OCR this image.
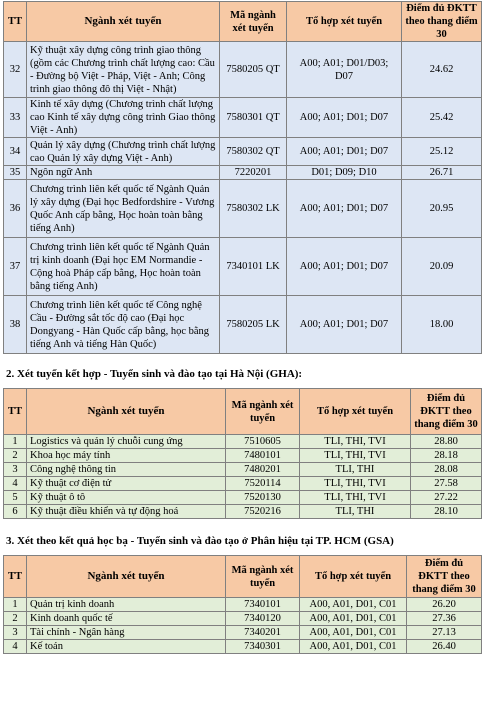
TT	Ngành xét tuyển	Mã ngành xét tuyển	Tổ hợp xét tuyển	Điểm đủ ĐKTT theo thang điểm 30
32	Kỹ thuật xây dựng công trình giao thông (gồm các Chương trình chất lượng cao: Cầu - Đường bộ Việt - Pháp, Việt - Anh; Công trình giao thông đô thị Việt - Nhật)	7580205 QT	A00; A01; D01/D03; D07	24.62
33	Kinh tế xây dựng (Chương trình chất lượng cao Kinh tế xây dựng công trình Giao thông Việt - Anh)	7580301 QT	A00; A01; D01; D07	25.42
34	Quản lý xây dựng (Chương trình chất lượng cao Quản lý xây dựng Việt - Anh)	7580302 QT	A00; A01; D01; D07	25.12
35	Ngôn ngữ Anh	7220201	D01; D09; D10	26.71
36	Chương trình liên kết quốc tế Ngành Quản lý xây dựng (Đại học Bedfordshire - Vương Quốc Anh cấp bằng, Học hoàn toàn bằng tiếng Anh)	7580302 LK	A00; A01; D01; D07	20.95
37	Chương trình liên kết quốc tế Ngành Quản trị kinh doanh (Đại học EM Normandie - Cộng hoà Pháp cấp bằng, Học hoàn toàn bằng tiếng Anh)	7340101 LK	A00; A01; D01; D07	20.09
38	Chương trình liên kết quốc tế Công nghệ Cầu - Đường sắt tốc độ cao (Đại học Dongyang - Hàn Quốc cấp bằng, học bằng tiếng Anh và tiếng Hàn Quốc)	7580205 LK	A00; A01; D01; D07	18.00
2. Xét tuyển kết hợp - Tuyển sinh và đào tạo tại Hà Nội (GHA):
TT	Ngành xét tuyển	Mã ngành xét tuyển	Tổ hợp xét tuyển	Điểm đủ ĐKTT theo thang điểm 30
1	Logistics và quản lý chuỗi cung ứng	7510605	TLI, THI, TVI	28.80
2	Khoa học máy tính	7480101	TLI, THI, TVI	28.18
3	Công nghệ thông tin	7480201	TLI, THI	28.08
4	Kỹ thuật cơ điện tử	7520114	TLI, THI, TVI	27.58
5	Kỹ thuật ô tô	7520130	TLI, THI, TVI	27.22
6	Kỹ thuật điều khiển và tự động hoá	7520216	TLI, THI	28.10
3. Xét theo kết quả học bạ - Tuyển sinh và đào tạo ở Phân hiệu tại TP. HCM (GSA)
TT	Ngành xét tuyển	Mã ngành xét tuyển	Tổ hợp xét tuyển	Điểm đủ ĐKTT theo thang điểm 30
1	Quản trị kinh doanh	7340101	A00, A01, D01, C01	26.20
2	Kinh doanh quốc tế	7340120	A00, A01, D01, C01	27.36
3	Tài chính - Ngân hàng	7340201	A00, A01, D01, C01	27.13
4	Kế toán	7340301	A00, A01, D01, C01	26.40
